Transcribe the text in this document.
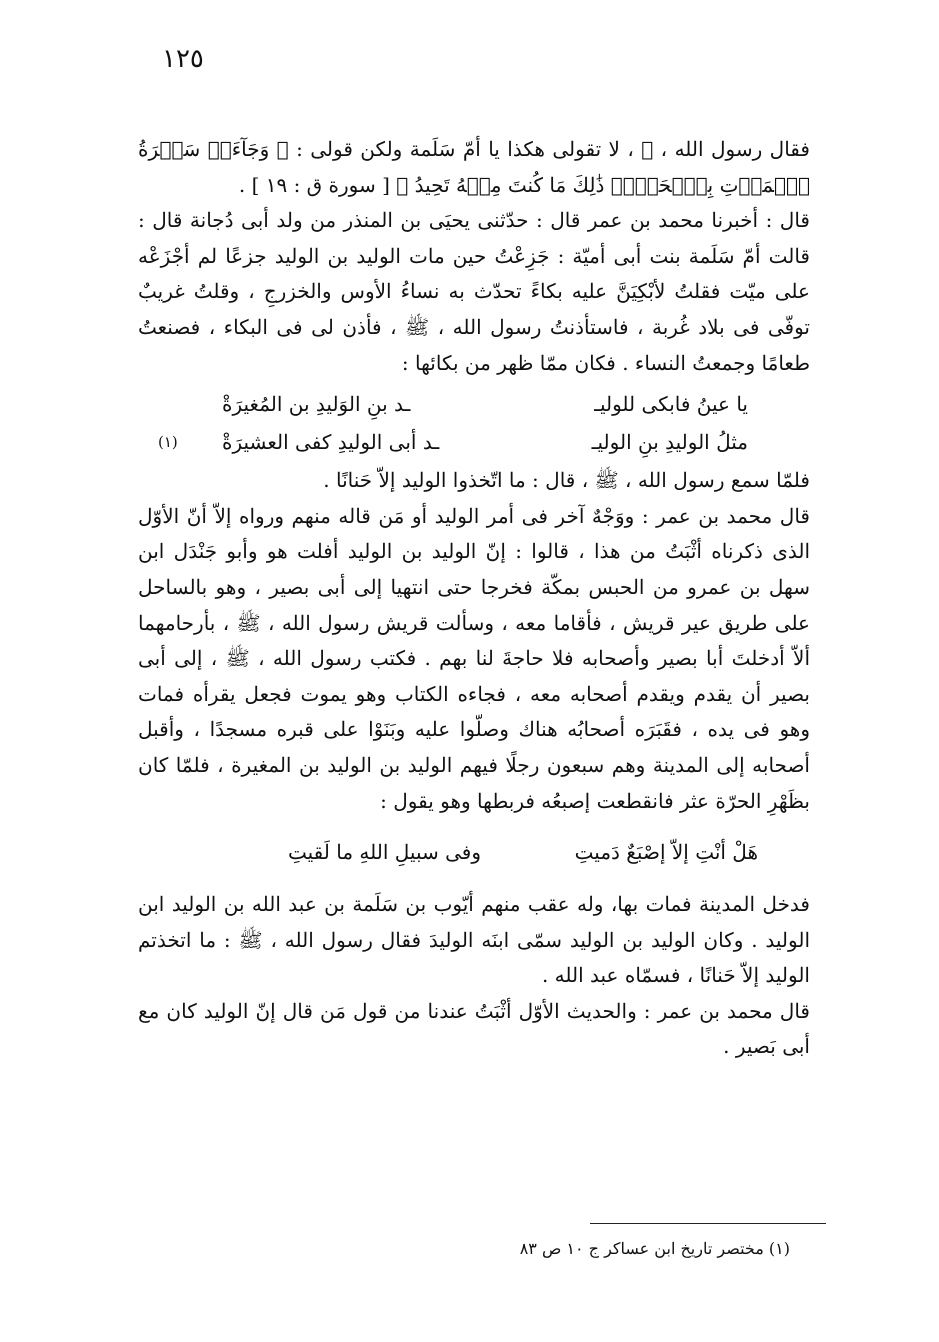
١٢٥

فقال رسول الله ، ﷺ ، لا تقولى هكذا يا أمّ سَلَمة ولكن قولى : ﴿ وَجَآءَتۡ سَكۡرَةُ ٱلۡمَوۡتِ بِٱلۡحَقِّۖ ذَٰلِكَ مَا كُنتَ مِنۡهُ تَحِيدُ ﴾ [ سورة ق : ١٩ ] .

قال : أخبرنا محمد بن عمر قال : حدّثنى يحيَى بن المنذر من ولد أبى دُجانة قال : قالت أمّ سَلَمة بنت أبى أميّة : جَزِعْتُ حين مات الوليد بن الوليد جزعًا لم أجْزَعْه على ميّت فقلتُ لأبْكِيَنَّ عليه بكاءً تحدّث به نساءُ الأوس والخزرجِ ، وقلتُ غريبٌ توفّى فى بلاد غُربة ، فاستأذنتُ رسول الله ، ﷺ ، فأذن لى فى البكاء ، فصنعتُ طعامًا وجمعتُ النساء . فكان ممّا ظهر من بكائها :

يا عينُ فابكى للوليـ
ـد بنِ الوَليدِ بن المُغيرَةْ
مثلُ الوليدِ بنِ الوليـ
ـد أبى الوليدِ كفى العشيرَةْ
(١)

فلمّا سمع رسول الله ، ﷺ ، قال : ما اتّخذوا الوليد إلاّ حَنانًا .

قال محمد بن عمر : ووَجْهٌ آخر فى أمر الوليد أو مَن قاله منهم ورواه إلاّ أنّ الأوّل الذى ذكرناه أثْبَتُ من هذا ، قالوا : إنّ الوليد بن الوليد أفلت هو وأبو جَنْدَل ابن سهل بن عمرو من الحبس بمكّة فخرجا حتى انتهيا إلى أبى بصير ، وهو بالساحل على طريق عير قريش ، فأقاما معه ، وسألت قريش رسول الله ، ﷺ ، بأرحامهما ألاّ أدخلتَ أبا بصير وأصحابه فلا حاجةَ لنا بهم . فكتب رسول الله ، ﷺ ، إلى أبى بصير أن يقدم ويقدم أصحابه معه ، فجاءه الكتاب وهو يموت فجعل يقرأه فمات وهو فى يده ، فقَبَرَه أصحابُه هناك وصلّوا عليه وبَنَوْا على قبره مسجدًا ، وأقبل أصحابه إلى المدينة وهم سبعون رجلًا فيهم الوليد بن الوليد بن المغيرة ، فلمّا كان بظَهْرِ الحرّة عثر فانقطعت إصبعُه فربطها وهو يقول :

هَلْ أنْتِ إلاّ إصْبَعٌ دَميتِ
وفى سبيلِ اللهِ ما لَقيتِ

فدخل المدينة فمات بها، وله عقب منهم أيّوب بن سَلَمة بن عبد الله بن الوليد ابن الوليد . وكان الوليد بن الوليد سمّى ابنَه الوليدَ فقال رسول الله ، ﷺ : ما اتخذتم الوليد إلاّ حَنانًا ، فسمّاه عبد الله .

قال محمد بن عمر : والحديث الأوّل أثْبَتُ عندنا من قول مَن قال إنّ الوليد كان مع أبى بَصير .

(١) مختصر تاريخ ابن عساكر ج ١٠ ص ٨٣
